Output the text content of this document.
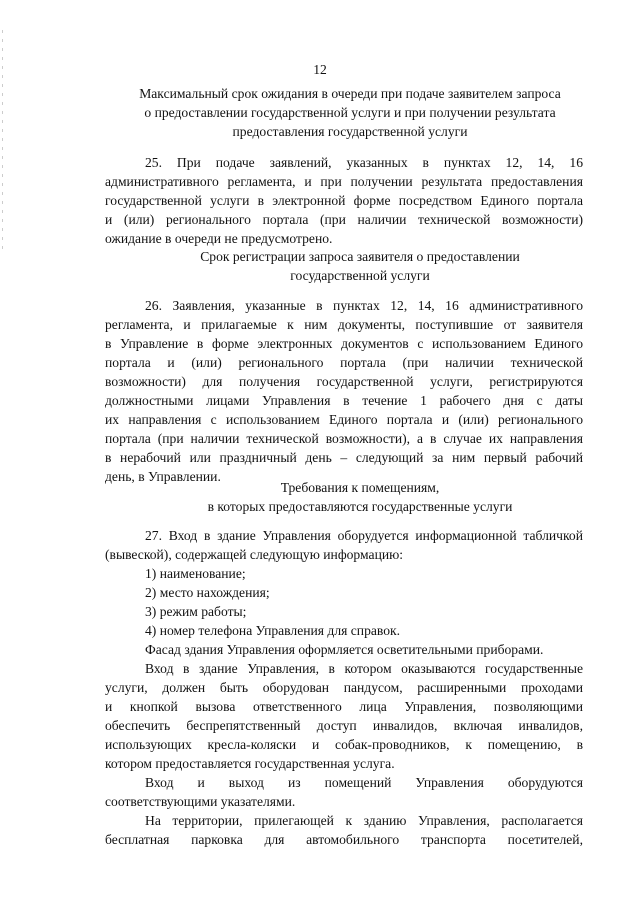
12
Максимальный срок ожидания в очереди при подаче заявителем запроса
о предоставлении государственной услуги и при получении результата
предоставления государственной услуги
25. При подаче заявлений, указанных в пунктах 12, 14, 16
административного регламента, и при получении результата предоставления
государственной услуги в электронной форме посредством Единого портала
и (или) регионального портала (при наличии технической возможности)
ожидание в очереди не предусмотрено.
Срок регистрации запроса заявителя о предоставлении
государственной услуги
26. Заявления, указанные в пунктах 12, 14, 16 административного
регламента, и прилагаемые к ним документы, поступившие от заявителя
в Управление в форме электронных документов с использованием Единого
портала и (или) регионального портала (при наличии технической
возможности) для получения государственной услуги, регистрируются
должностными лицами Управления в течение 1 рабочего дня с даты
их направления с использованием Единого портала и (или) регионального
портала (при наличии технической возможности), а в случае их направления
в нерабочий или праздничный день – следующий за ним первый рабочий
день, в Управлении.
Требования к помещениям,
в которых предоставляются государственные услуги
27. Вход в здание Управления оборудуется информационной табличкой
(вывеской), содержащей следующую информацию:
1) наименование;
2) место нахождения;
3) режим работы;
4) номер телефона Управления для справок.
Фасад здания Управления оформляется осветительными приборами.
Вход в здание Управления, в котором оказываются государственные
услуги, должен быть оборудован пандусом, расширенными проходами
и кнопкой вызова ответственного лица Управления, позволяющими
обеспечить беспрепятственный доступ инвалидов, включая инвалидов,
использующих кресла-коляски и собак-проводников, к помещению, в
котором предоставляется государственная услуга.
Вход и выход из помещений Управления оборудуются
соответствующими указателями.
На территории, прилегающей к зданию Управления, располагается
бесплатная парковка для автомобильного транспорта посетителей,
